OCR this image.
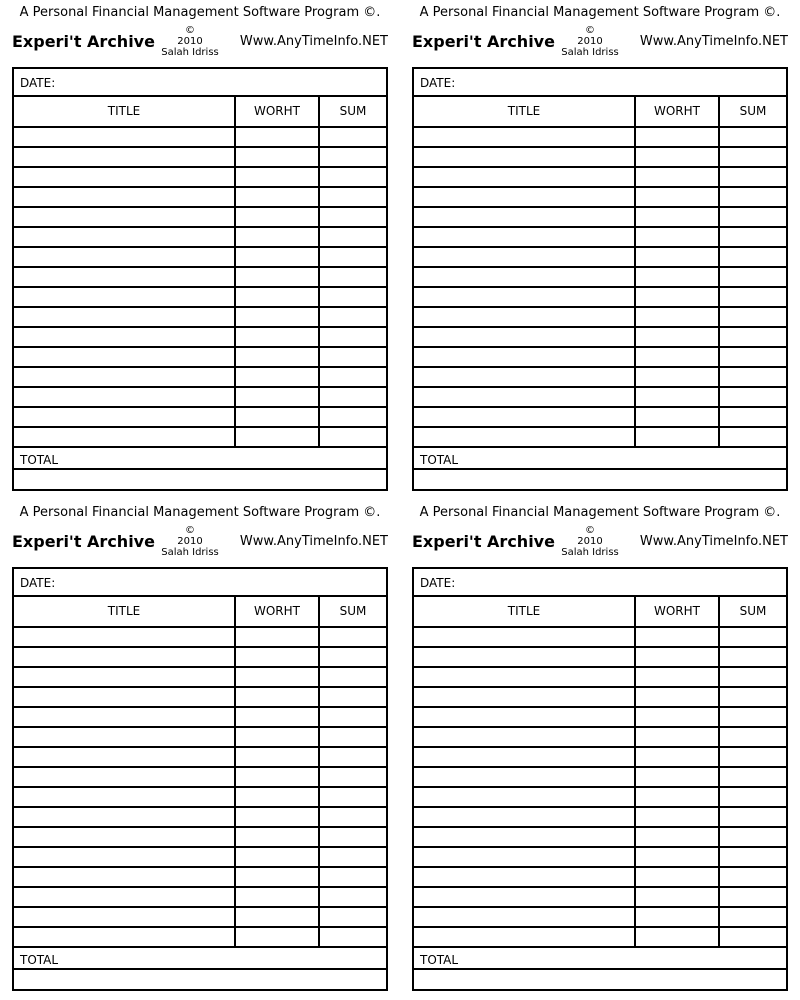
A Personal Financial Management Software Program ©.
Experi't Archive
©
2010
Salah Idriss
Www.AnyTimeInfo.NET
DATE:
TITLE	WORHT	SUM
TOTAL
A Personal Financial Management Software Program ©.
Experi't Archive
©
2010
Salah Idriss
Www.AnyTimeInfo.NET
DATE:
TITLE	WORHT	SUM
TOTAL
A Personal Financial Management Software Program ©.
Experi't Archive
©
2010
Salah Idriss
Www.AnyTimeInfo.NET
DATE:
TITLE	WORHT	SUM
TOTAL
A Personal Financial Management Software Program ©.
Experi't Archive
©
2010
Salah Idriss
Www.AnyTimeInfo.NET
DATE:
TITLE	WORHT	SUM
TOTAL
